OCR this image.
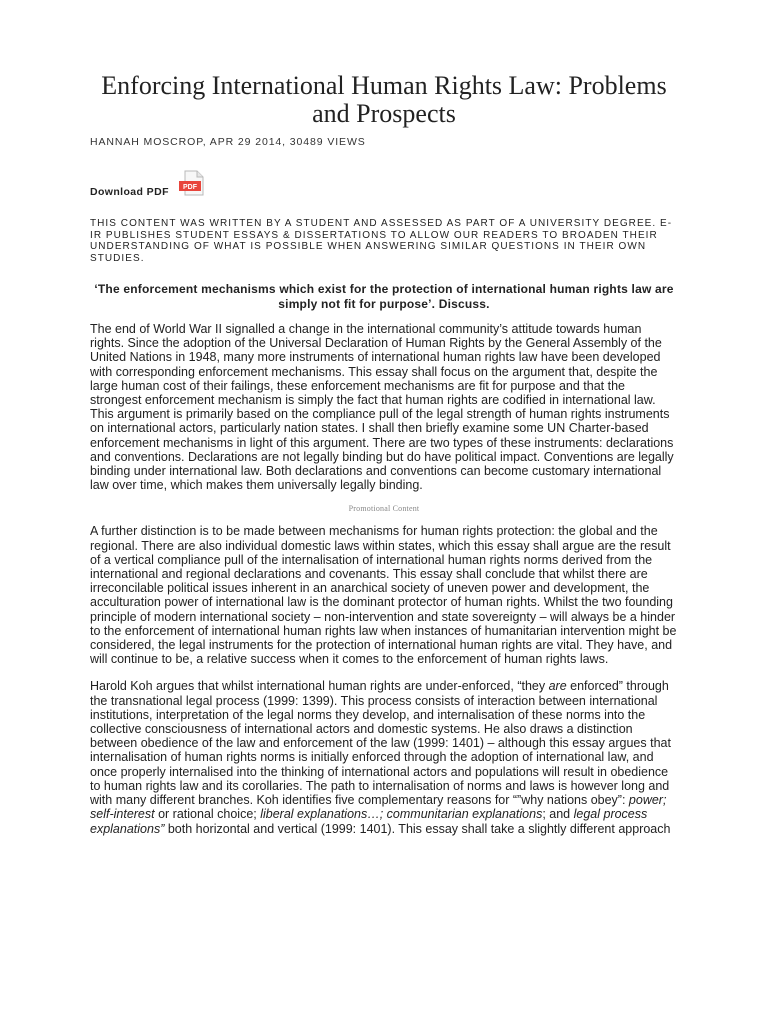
Enforcing International Human Rights Law: Problems and Prospects
HANNAH MOSCROP, APR 29 2014, 30489 VIEWS
Download PDF PDF
THIS CONTENT WAS WRITTEN BY A STUDENT AND ASSESSED AS PART OF A UNIVERSITY DEGREE. E-IR PUBLISHES STUDENT ESSAYS & DISSERTATIONS TO ALLOW OUR READERS TO BROADEN THEIR UNDERSTANDING OF WHAT IS POSSIBLE WHEN ANSWERING SIMILAR QUESTIONS IN THEIR OWN STUDIES.
‘The enforcement mechanisms which exist for the protection of international human rights law are simply not fit for purpose’. Discuss.

The end of World War II signalled a change in the international community’s attitude towards human rights. Since the adoption of the Universal Declaration of Human Rights by the General Assembly of the United Nations in 1948, many more instruments of international human rights law have been developed with corresponding enforcement mechanisms. This essay shall focus on the argument that, despite the large human cost of their failings, these enforcement mechanisms are fit for purpose and that the strongest enforcement mechanism is simply the fact that human rights are codified in international law. This argument is primarily based on the compliance pull of the legal strength of human rights instruments on international actors, particularly nation states. I shall then briefly examine some UN Charter-based enforcement mechanisms in light of this argument. There are two types of these instruments: declarations and conventions. Declarations are not legally binding but do have political impact. Conventions are legally binding under international law. Both declarations and conventions can become customary international law over time, which makes them universally legally binding.

Promotional Content

A further distinction is to be made between mechanisms for human rights protection: the global and the regional. There are also individual domestic laws within states, which this essay shall argue are the result of a vertical compliance pull of the internalisation of international human rights norms derived from the international and regional declarations and covenants. This essay shall conclude that whilst there are irreconcilable political issues inherent in an anarchical society of uneven power and development, the acculturation power of international law is the dominant protector of human rights. Whilst the two founding principle of modern international society – non-intervention and state sovereignty – will always be a hinder to the enforcement of international human rights law when instances of humanitarian intervention might be considered, the legal instruments for the protection of international human rights are vital. They have, and will continue to be, a relative success when it comes to the enforcement of human rights laws.

Harold Koh argues that whilst international human rights are under-enforced, “they are enforced” through the transnational legal process (1999: 1399). This process consists of interaction between international institutions, interpretation of the legal norms they develop, and internalisation of these norms into the collective consciousness of international actors and domestic systems. He also draws a distinction between obedience of the law and enforcement of the law (1999: 1401) – although this essay argues that internalisation of human rights norms is initially enforced through the adoption of international law, and once properly internalised into the thinking of international actors and populations will result in obedience to human rights law and its corollaries. The path to internalisation of norms and laws is however long and with many different branches. Koh identifies five complementary reasons for “”why nations obey”: power; self-interest or rational choice; liberal explanations…; communitarian explanations; and legal process explanations” both horizontal and vertical (1999: 1401). This essay shall take a slightly different approach
